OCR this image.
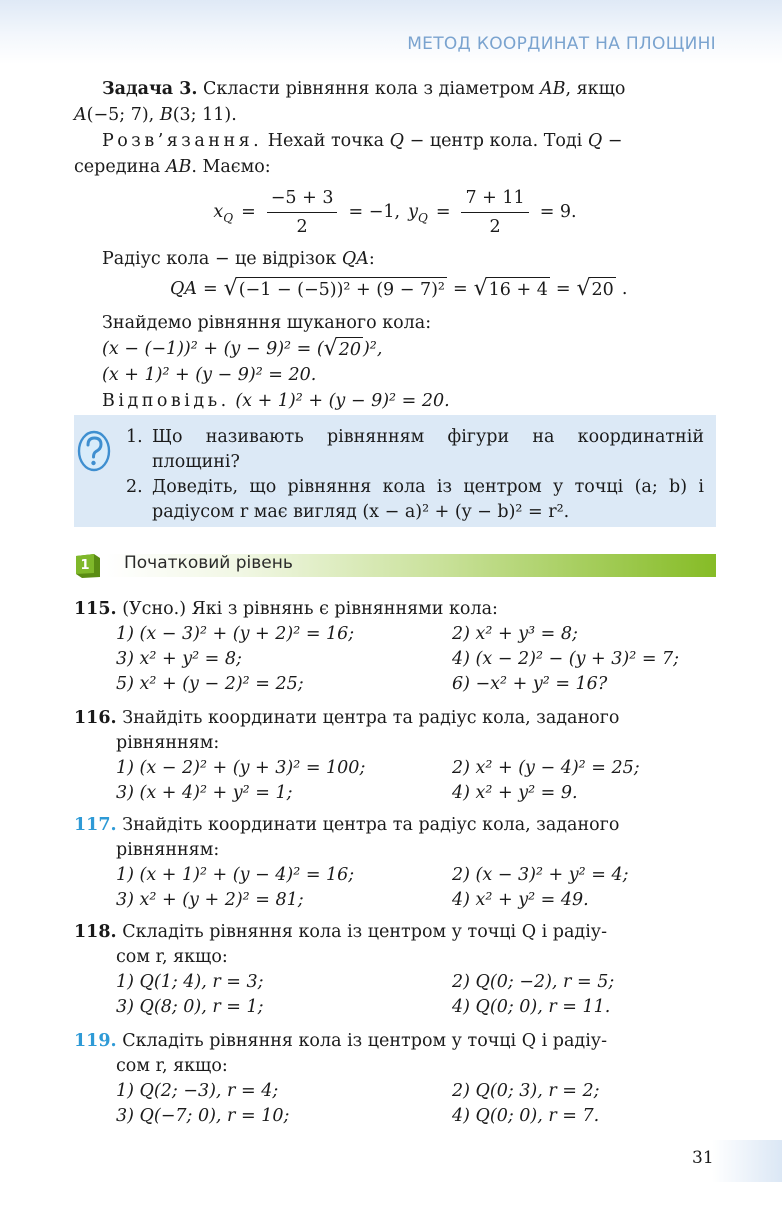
МЕТОД КООРДИНАТ НА ПЛОЩИНІ

Задача 3. Скласти рівняння кола з діаметром AB, якщо
A(−5; 7), B(3; 11).

Розв’язання. Нехай точка Q − центр кола. Тоді Q −
середина AB. Маємо:

$x_Q = \frac{-5 + 3}{2} = -1$, $y_Q = \frac{7 + 11}{2} = 9$.

Радіус кола − це відрізок QA:

QA = √ (−1 − (−5))² + (9 − 7)² = √ 16 + 4 = √ 20 .

Знайдемо рівняння шуканого кола:

(x − (−1))² + (y − 9)² = ( √ 20 )²,

(x + 1)² + (y − 9)² = 20.

Відповідь. (x + 1)² + (y − 9)² = 20.

1. Що називають рівнянням фігури на координатній площині?
2. Доведіть, що рівняння кола із центром у точці (a; b) і радіусом r має вигляд (x − a)² + (y − b)² = r².
1 Початковий рівень
115. (Усно.) Які з рівнянь є рівняннями кола:
1) (x − 3)² + (y + 2)² = 16;	2) x² + y³ = 8;
3) x² + y² = 8;	4) (x − 2)² − (y + 3)² = 7;
5) x² + (y − 2)² = 25;	6) −x² + y² = 16?
116. Знайдіть координати центра та радіус кола, заданого
рівнянням:
1) (x − 2)² + (y + 3)² = 100;	2) x² + (y − 4)² = 25;
3) (x + 4)² + y² = 1;	4) x² + y² = 9.
117. Знайдіть координати центра та радіус кола, заданого
рівнянням:
1) (x + 1)² + (y − 4)² = 16;	2) (x − 3)² + y² = 4;
3) x² + (y + 2)² = 81;	4) x² + y² = 49.
118. Складіть рівняння кола із центром у точці Q і радіу-
сом r, якщо:
1) Q(1; 4), r = 3;	2) Q(0; −2), r = 5;
3) Q(8; 0), r = 1;	4) Q(0; 0), r = 11.
119. Складіть рівняння кола із центром у точці Q і радіу-
сом r, якщо:
1) Q(2; −3), r = 4;	2) Q(0; 3), r = 2;
3) Q(−7; 0), r = 10;	4) Q(0; 0), r = 7.
31
